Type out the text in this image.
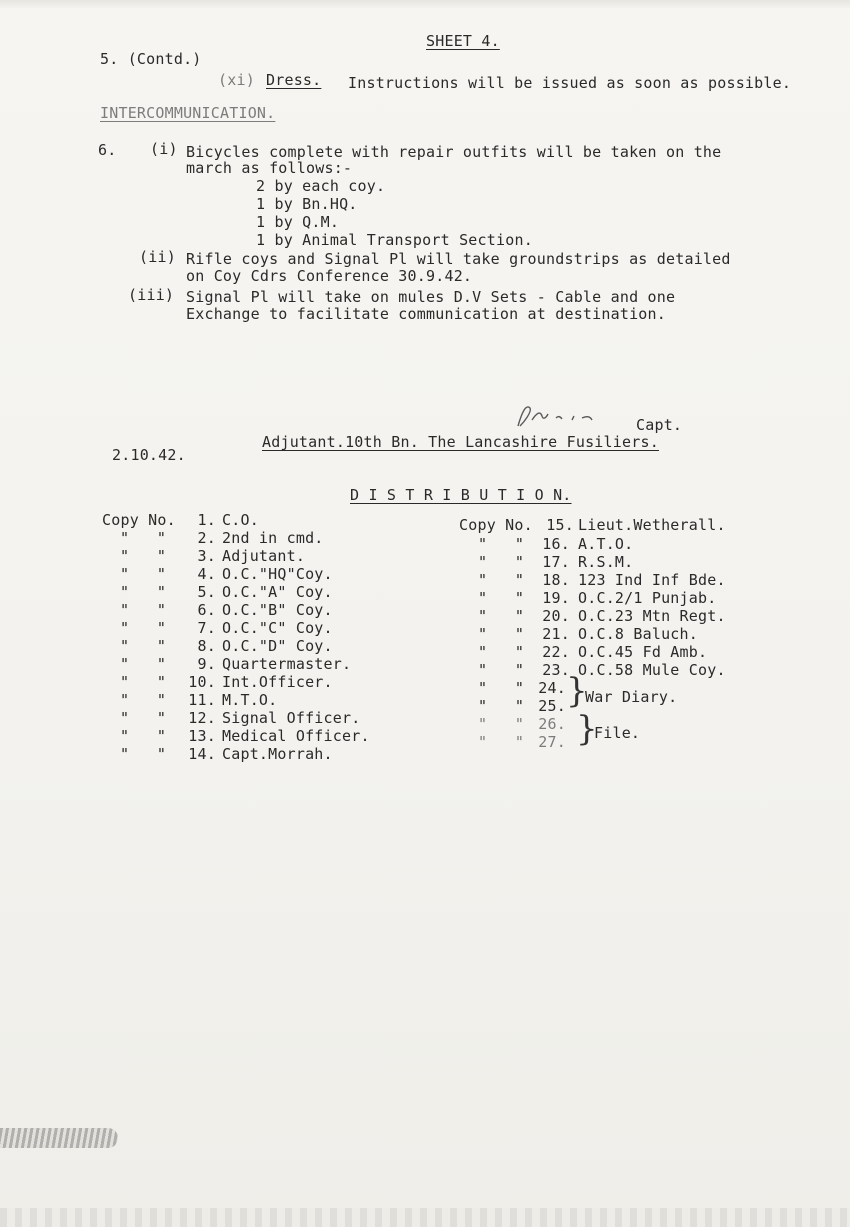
SHEET 4.
5. (Contd.)
(xi) Dress. Instructions will be issued as soon as possible.
INTERCOMMUNICATION.
6. (i) Bicycles complete with repair outfits will be taken on the
march as follows:-
2 by each coy.
1 by Bn.HQ.
1 by Q.M.
1 by Animal Transport Section.
(ii) Rifle coys and Signal Pl will take groundstrips as detailed
on Coy Cdrs Conference 30.9.42.
(iii) Signal Pl will take on mules D.V Sets - Cable and one
Exchange to facilitate communication at destination.
Capt.
Adjutant.10th Bn. The Lancashire Fusiliers.
2.10.42.
D I S T R I B U T I O N.
Copy No.	1. C.O.
"   "	2. 2nd in cmd.
"   "	3. Adjutant.
"   "	4. O.C."HQ"Coy.
"   "	5. O.C."A" Coy.
"   "	6. O.C."B" Coy.
"   "	7. O.C."C" Coy.
"   "	8. O.C."D" Coy.
"   "	9. Quartermaster.
"   "	10. Int.Officer.
"   "	11. M.T.O.
"   "	12. Signal Officer.
"   "	13. Medical Officer.
"   "	14. Capt.Morrah.
Copy No. 15. Lieut.Wetherall.
"   "	16. A.T.O.
"   "	17. R.S.M.
"   "	18. 123 Ind Inf Bde.
"   "	19. O.C.2/1 Punjab.
"   "	20. O.C.23 Mtn Regt.
"   "	21. O.C.8 Baluch.
"   "	22. O.C.45 Fd Amb.
"   "	23. O.C.58 Mule Coy.
"   " 24.
"   " 25.
"   " 26.
"   " 27.
}
War Diary.
}
File.
